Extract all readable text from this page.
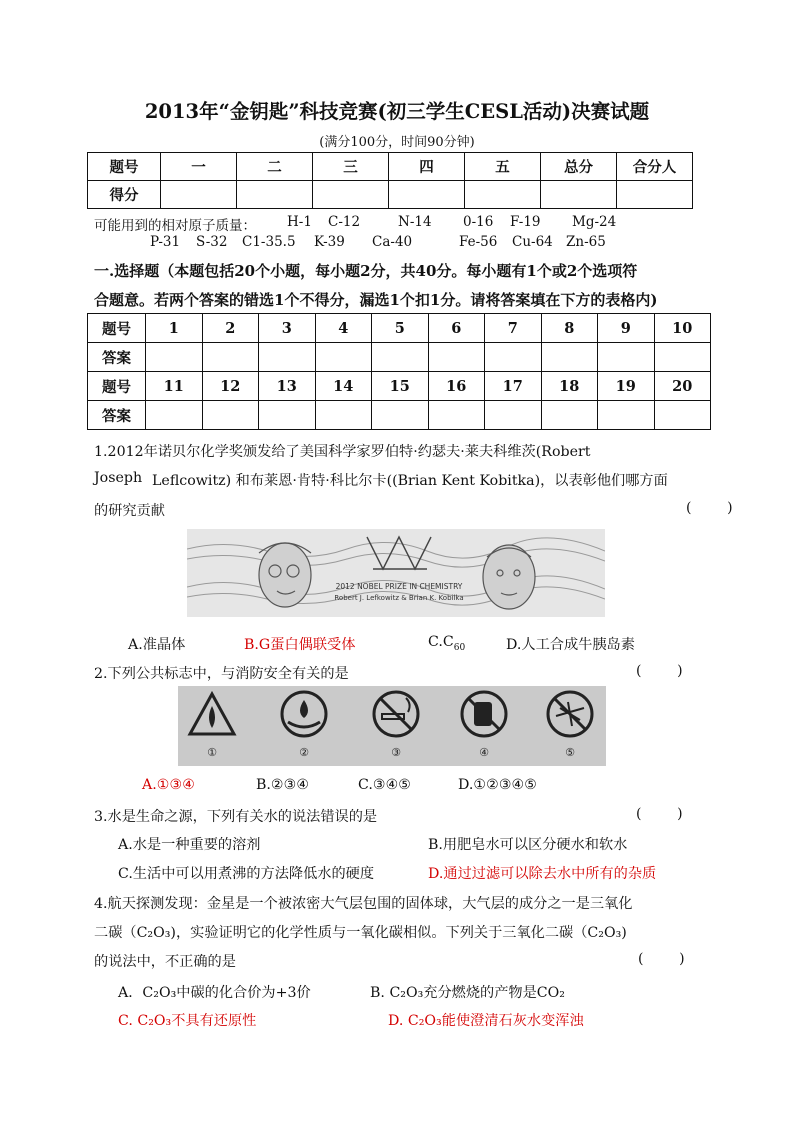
2013年“金钥匙”科技竞赛(初三学生CESL活动)决赛试题
(满分100分，时间90分钟)
题号	一	二	三	四	五	总分	合分人
得分							
可能用到的相对原子质量： H-1 C-12	N-14 0-16 F-19 Mg-24
P-31 S-32 C1-35.5 K-39 Ca-40	Fe-56 Cu-64 Zn-65
一.选择题（本题包括20个小题，每小题2分，共40分。每小题有1个或2个选项符
合题意。若两个答案的错选1个不得分，漏选1个扣1分。请将答案填在下方的表格内)
题号	1	2	3	4	5	6	7	8	9	10
答案										
题号	11	12	13	14	15	16	17	18	19	20
答案										
1.2012年诺贝尔化学奖颁发给了美国科学家罗伯特·约瑟夫·莱夫科维茨(Robert
Joseph Leflcowitz) 和布莱恩·肯特·科比尔卡((Brian Kent Kobitka)，以表彰他们哪方面
的研究贡献	(        )
2012 NOBEL PRIZE IN CHEMISTRY
Robert J. Lefkowitz & Brian K. Kobilka
A.准晶体	B.G蛋白偶联受体	$C.C_{60}$	D.人工合成牛胰岛素
2.下列公共标志中，与消防安全有关的是	(        )
①	②	③	④	⑤
A.①③④	B.②③④	C.③④⑤	D.①②③④⑤
3.水是生命之源，下列有关水的说法错误的是	(        )
A.水是一种重要的溶剂	B.用肥皂水可以区分硬水和软水
C.生活中可以用煮沸的方法降低水的硬度	D.通过过滤可以除去水中所有的杂质
4.航天探测发现：金星是一个被浓密大气层包围的固体球，大气层的成分之一是三氧化
二碳（C₂O₃)，实验证明它的化学性质与一氧化碳相似。下列关于三氧化二碳（C₂O₃)
的说法中，不正确的是	(        )
A．C₂O₃中碳的化合价为+3价	B. C₂O₃充分燃烧的产物是CO₂
C. C₂O₃不具有还原性	D. C₂O₃能使澄清石灰水变浑浊
